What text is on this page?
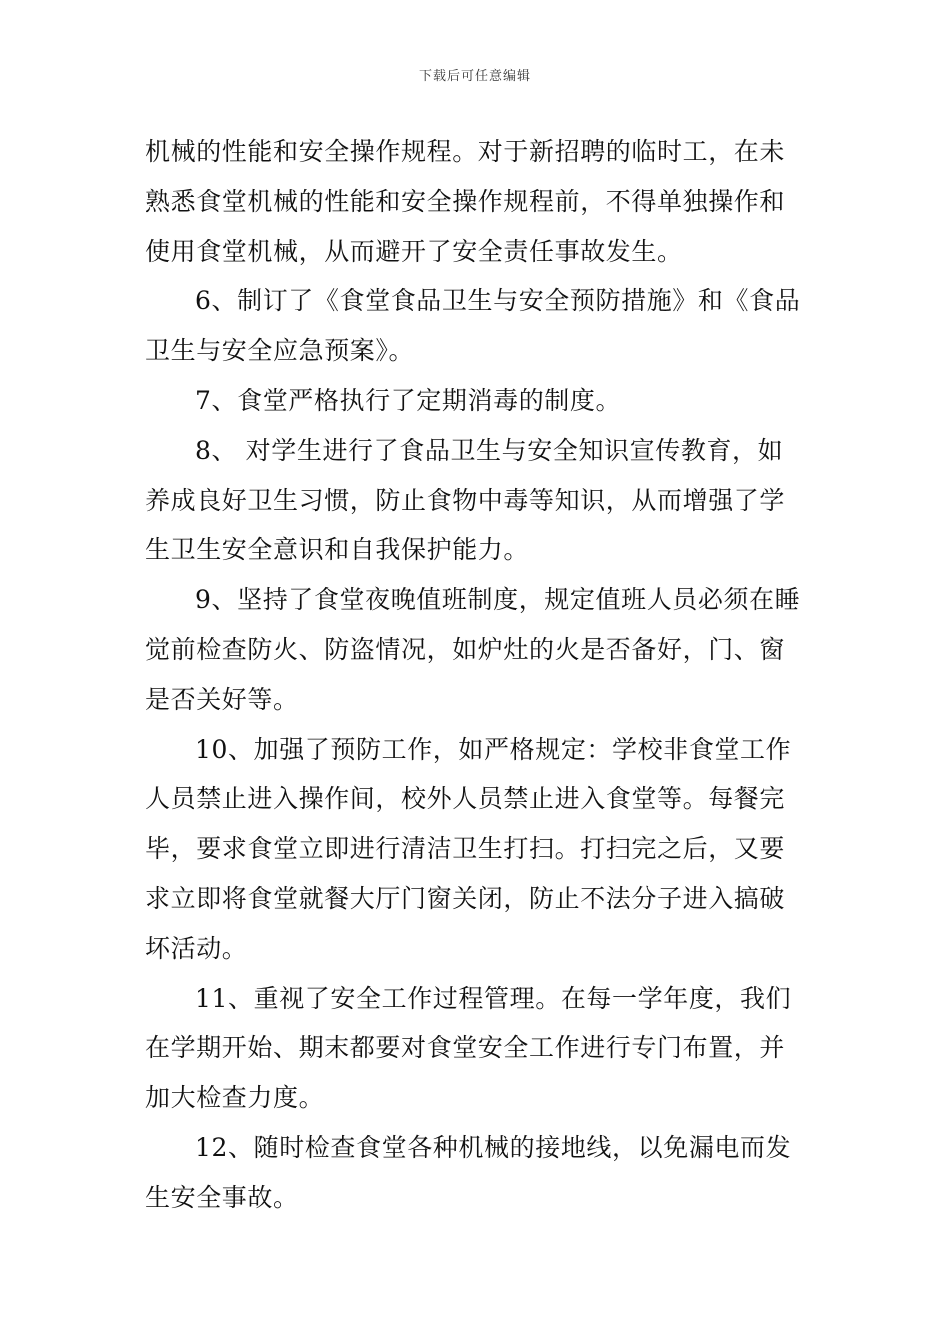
下载后可任意编辑
机械的性能和安全操作规程。对于新招聘的临时工，在未
熟悉食堂机械的性能和安全操作规程前，不得单独操作和
使用食堂机械，从而避开了安全责任事故发生。
6、制订了《食堂食品卫生与安全预防措施》和《食品
卫生与安全应急预案》。
7、食堂严格执行了定期消毒的制度。
8、 对学生进行了食品卫生与安全知识宣传教育，如
养成良好卫生习惯，防止食物中毒等知识，从而增强了学
生卫生安全意识和自我保护能力。
9、坚持了食堂夜晚值班制度，规定值班人员必须在睡
觉前检查防火、防盗情况，如炉灶的火是否备好，门、窗
是否关好等。
10、加强了预防工作，如严格规定：学校非食堂工作
人员禁止进入操作间，校外人员禁止进入食堂等。每餐完
毕，要求食堂立即进行清洁卫生打扫。打扫完之后，又要
求立即将食堂就餐大厅门窗关闭，防止不法分子进入搞破
坏活动。
11、重视了安全工作过程管理。在每一学年度，我们
在学期开始、期末都要对食堂安全工作进行专门布置，并
加大检查力度。
12、随时检查食堂各种机械的接地线，以免漏电而发
生安全事故。
